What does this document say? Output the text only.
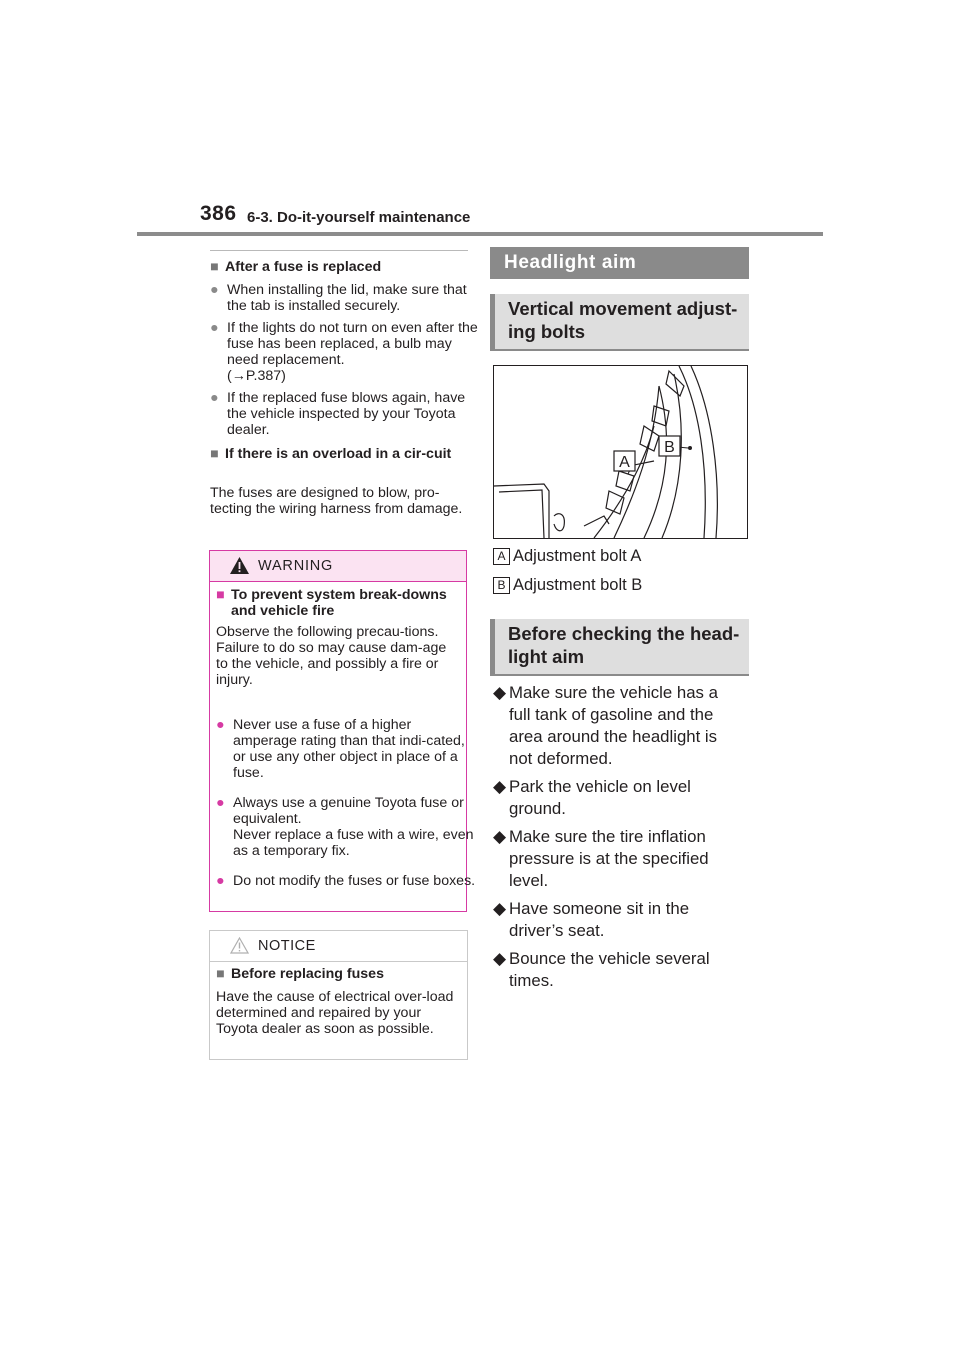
386 6-3. Do-it-yourself maintenance
■ After a fuse is replaced
● When installing the lid, make sure that the tab is installed securely.
● If the lights do not turn on even after the fuse has been replaced, a bulb may need replacement.
(→P.387)
● If the replaced fuse blows again, have the vehicle inspected by your Toyota dealer.
■ If there is an overload in a cir-cuit
The fuses are designed to blow, pro-tecting the wiring harness from damage.
WARNING
■ To prevent system break-downs and vehicle fire
Observe the following precau-tions.
Failure to do so may cause dam-age to the vehicle, and possibly a fire or injury.
● Never use a fuse of a higher amperage rating than that indi-cated, or use any other object in place of a fuse.
● Always use a genuine Toyota fuse or equivalent.
Never replace a fuse with a wire, even as a temporary fix.
● Do not modify the fuses or fuse boxes.
NOTICE
■ Before replacing fuses
Have the cause of electrical over-load determined and repaired by your Toyota dealer as soon as possible.
Headlight aim
Vertical movement adjust-ing bolts
A
B
A Adjustment bolt A
B Adjustment bolt B
Before checking the head-light aim
◆ Make sure the vehicle has a full tank of gasoline and the area around the headlight is not deformed.
◆ Park the vehicle on level ground.
◆ Make sure the tire inflation pressure is at the specified level.
◆ Have someone sit in the driver’s seat.
◆ Bounce the vehicle several times.
